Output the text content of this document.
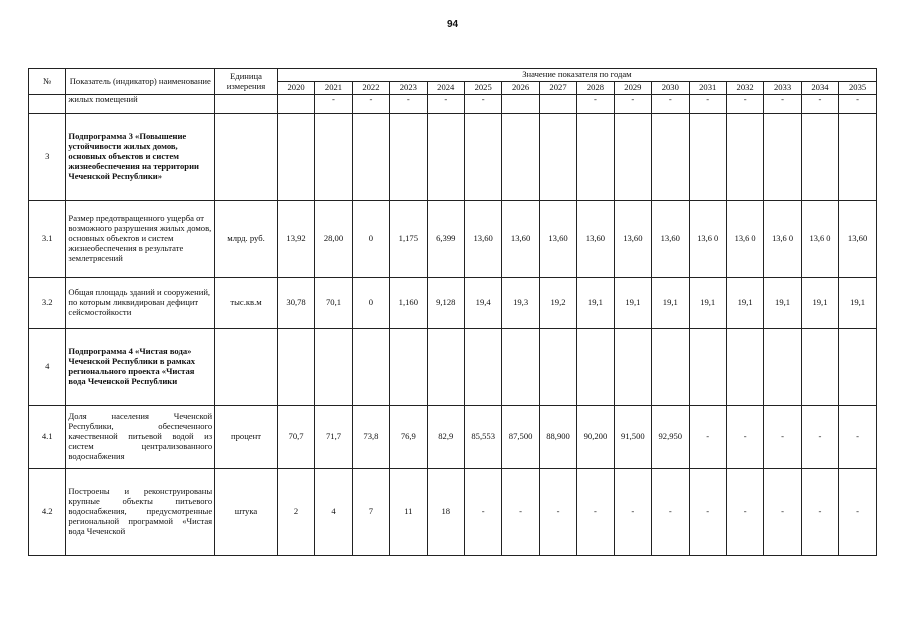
94
№	Показатель (индикатор) наименование	Единица измерения	Значение показателя по годам															
			2020	2021	2022	2023	2024	2025	2026	2027	2028	2029	2030	2031	2032	2033	2034	2035
	жилых помещений			-	-	-	-	-			-	-	-	-	-	-	-	-
3	Подпрограмма 3 «Повышение устойчивости жилых домов, основных объектов и систем жизнеобеспечения на территории Чеченской Республики»																	
3.1	Размер предотвращенного ущерба от возможного разрушения жилых домов, основных объектов и систем жизнеобеспечения в результате землетрясений	млрд. руб.	13,92	28,00	0	1,175	6,399	13,60	13,60	13,60	13,60	13,60	13,60	13,6 0	13,6 0	13,6 0	13,6 0	13,60
3.2	Общая площадь зданий и сооружений, по которым ликвидирован дефицит сейсмостойкости	тыс.кв.м	30,78	70,1	0	1,160	9,128	19,4	19,3	19,2	19,1	19,1	19,1	19,1	19,1	19,1	19,1	19,1
4	Подпрограмма 4 «Чистая вода» Чеченской Республики в рамках регионального проекта «Чистая вода Чеченской Республики																	
4.1	Доля населения Чеченской Республики, обеспеченного качественной питьевой водой из систем централизованного водоснабжения	процент	70,7	71,7	73,8	76,9	82,9	85,553	87,500	88,900	90,200	91,500	92,950	-	-	-	-	-
4.2	Построены и реконструированы крупные объекты питьевого водоснабжения, предусмотренные региональной программой «Чистая вода Чеченской	штука	2	4	7	11	18	-	-	-	-	-	-	-	-	-	-	-
